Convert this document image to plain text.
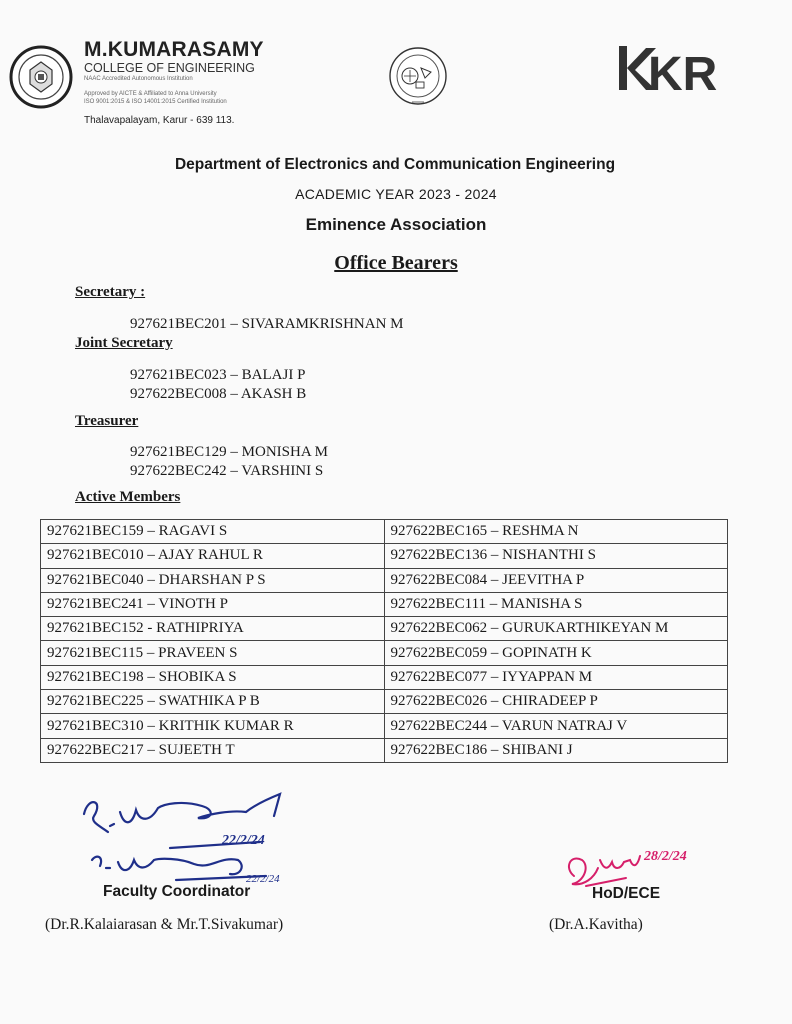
M.KUMARASAMY
COLLEGE OF ENGINEERING
NAAC Accredited Autonomous Institution
Approved by AICTE & Affiliated to Anna University
ISO 9001:2015 & ISO 14001:2015 Certified Institution
Thalavapalayam, Karur - 639 113.
KR
Department of Electronics and Communication Engineering
ACADEMIC YEAR 2023 - 2024
Eminence Association
Office Bearers
Secretary :
927621BEC201 – SIVARAMKRISHNAN M
Joint Secretary
927621BEC023 – BALAJI P
927622BEC008 – AKASH B
Treasurer
927621BEC129 – MONISHA M
927622BEC242 – VARSHINI S
Active Members
927621BEC159 – RAGAVI S	927622BEC165 – RESHMA N
927621BEC010 – AJAY RAHUL R	927622BEC136 – NISHANTHI S
927621BEC040 – DHARSHAN P S	927622BEC084 – JEEVITHA P
927621BEC241 – VINOTH P	927622BEC111 – MANISHA S
927621BEC152 - RATHIPRIYA	927622BEC062 – GURUKARTHIKEYAN M
927621BEC115 – PRAVEEN S	927622BEC059 – GOPINATH K
927621BEC198 – SHOBIKA S	927622BEC077 – IYYAPPAN M
927621BEC225 – SWATHIKA P B	927622BEC026 – CHIRADEEP P
927621BEC310 – KRITHIK KUMAR R	927622BEC244 – VARUN NATRAJ V
927622BEC217 – SUJEETH T	927622BEC186 – SHIBANI J
22/2/24
22/2/24
Faculty Coordinator
(Dr.R.Kalaiarasan & Mr.T.Sivakumar)
28/2/24
HoD/ECE
(Dr.A.Kavitha)
